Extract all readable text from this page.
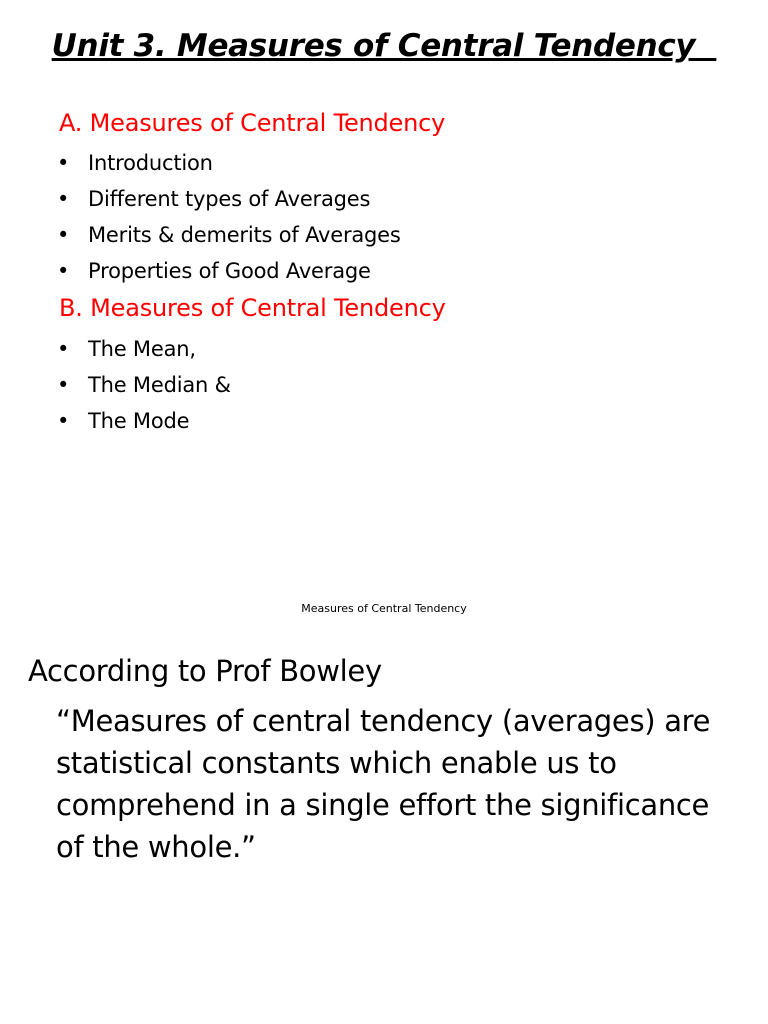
Unit 3. Measures of Central Tendency
A. Measures of Central Tendency
• Introduction
• Different types of Averages
• Merits & demerits of Averages
• Properties of Good Average
B. Measures of Central Tendency
• The Mean,
• The Median &
• The Mode
Measures of Central Tendency
According to Prof Bowley

“Measures of central tendency (averages) are
statistical constants which enable us to
comprehend in a single effort the significance
of the whole.”
